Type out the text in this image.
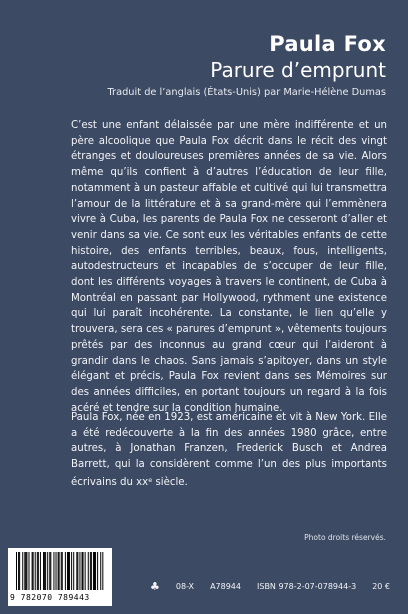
Paula Fox
Parure d’emprunt
Traduit de l’anglais (États-Unis) par Marie-Hélène Dumas

C’est une enfant délaissée par une mère indifférente et un père alcoolique que Paula Fox décrit dans le récit des vingt étranges et douloureuses premières années de sa vie. Alors même qu’ils confient à d’autres l’éducation de leur fille, notamment à un pasteur affable et cultivé qui lui transmettra l’amour de la littérature et à sa grand-mère qui l’emmènera vivre à Cuba, les parents de Paula Fox ne cesseront d’aller et venir dans sa vie. Ce sont eux les véritables enfants de cette histoire, des enfants terribles, beaux, fous, intelligents, autodestructeurs et incapables de s’occuper de leur fille, dont les différents voyages à travers le continent, de Cuba à Montréal en passant par Hollywood, rythment une existence qui lui paraît incohérente. La constante, le lien qu’elle y trouvera, sera ces « parures d’emprunt », vêtements toujours prêtés par des inconnus au grand cœur qui l’aideront à grandir dans le chaos. Sans jamais s’apitoyer, dans un style élégant et précis, Paula Fox revient dans ses Mémoires sur des années difficiles, en portant toujours un regard à la fois acéré et tendre sur la condition humaine.

Paula Fox, née en 1923, est américaine et vit à New York. Elle a été redécouverte à la fin des années 1980 grâce, entre autres, à Jonathan Franzen, Frederick Busch et Andrea Barrett, qui la considèrent comme l’un des plus importants écrivains du $xx^e$ siècle.

Photo droits réservés.
9 782070 789443
♣ 08-X A78944 ISBN 978-2-07-078944-3 20 €
